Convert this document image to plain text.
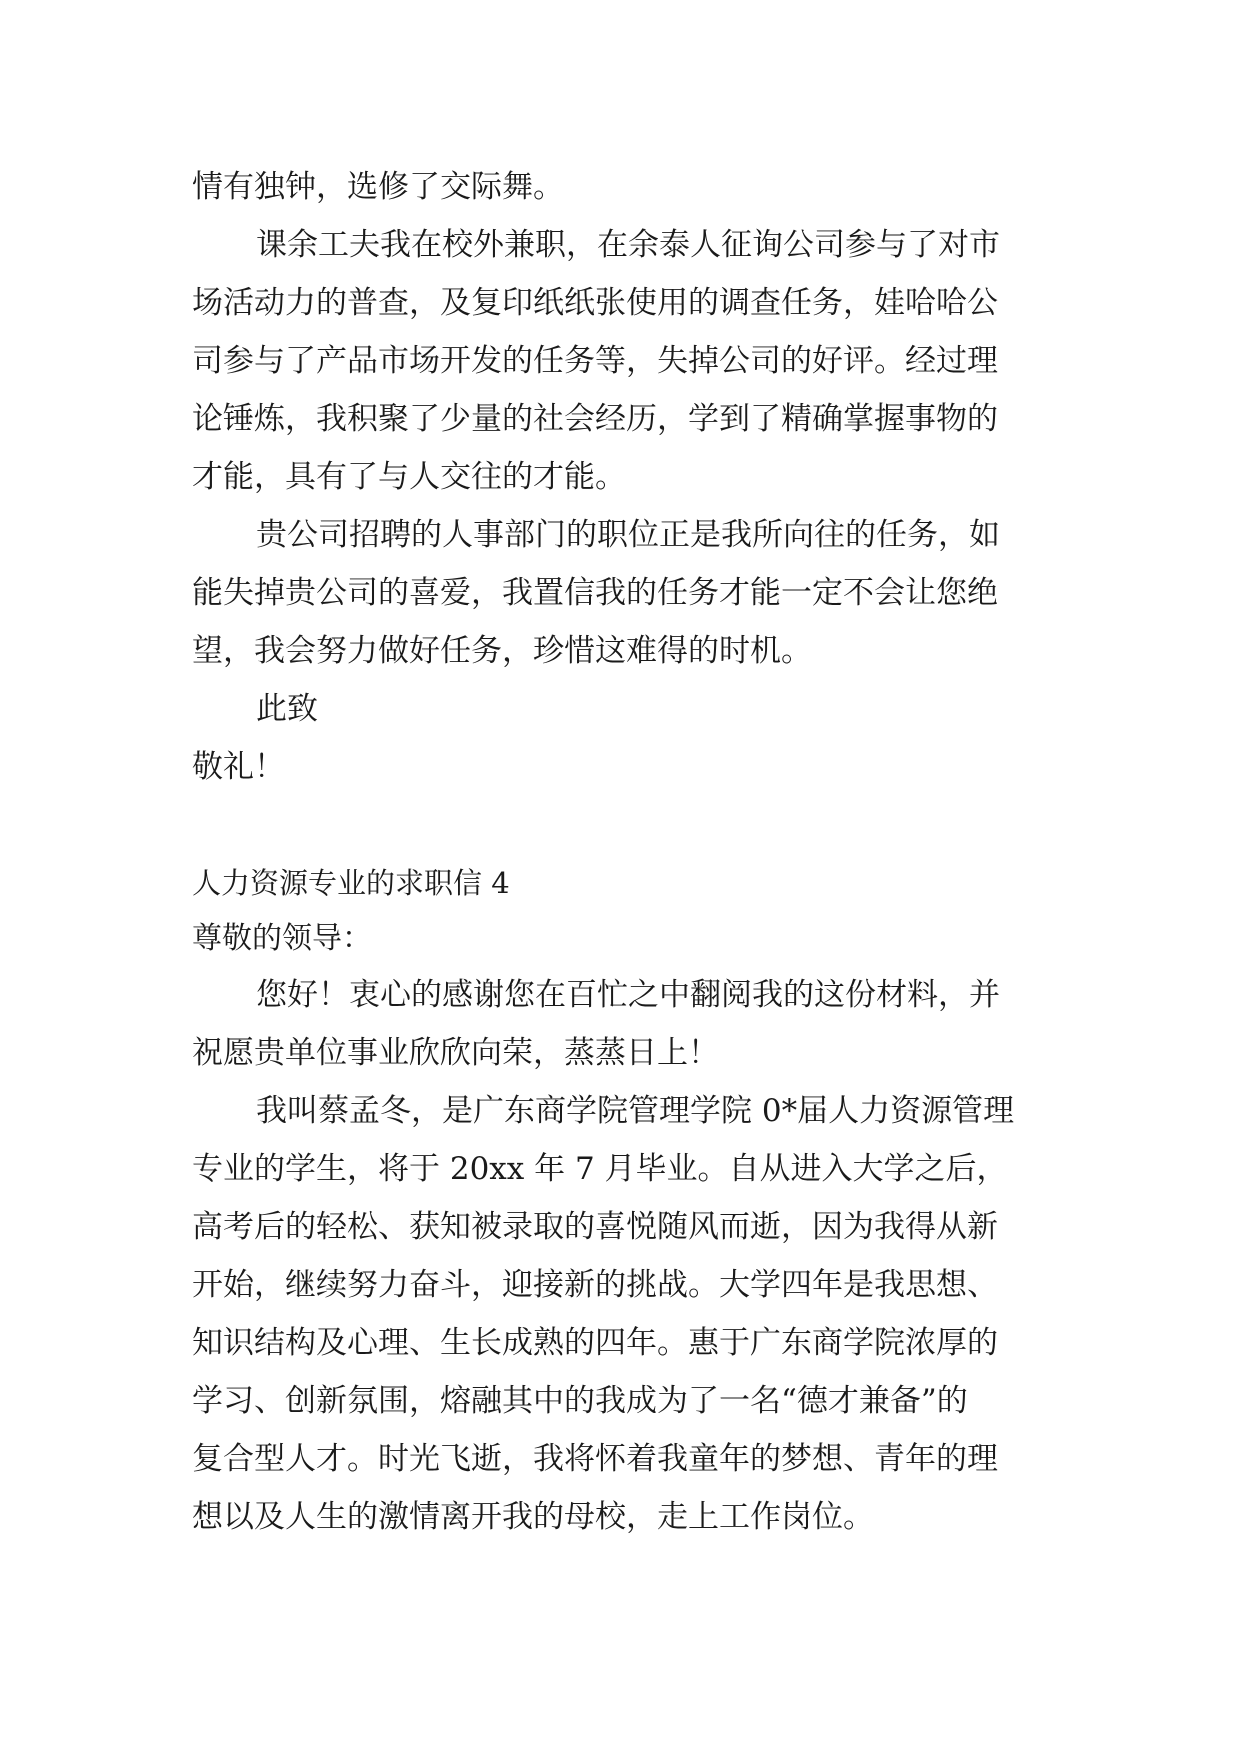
情有独钟，选修了交际舞。
课余工夫我在校外兼职，在余泰人征询公司参与了对市
场活动力的普查，及复印纸纸张使用的调查任务，娃哈哈公
司参与了产品市场开发的任务等，失掉公司的好评。经过理
论锤炼，我积聚了少量的社会经历，学到了精确掌握事物的
才能，具有了与人交往的才能。
贵公司招聘的人事部门的职位正是我所向往的任务，如
能失掉贵公司的喜爱，我置信我的任务才能一定不会让您绝
望，我会努力做好任务，珍惜这难得的时机。
此致
敬礼！
人力资源专业的求职信 4
尊敬的领导：
您好！衷心的感谢您在百忙之中翻阅我的这份材料，并
祝愿贵单位事业欣欣向荣，蒸蒸日上！
我叫蔡孟冬，是广东商学院管理学院 0*届人力资源管理
专业的学生，将于 20xx 年 7 月毕业。自从进入大学之后，
高考后的轻松、获知被录取的喜悦随风而逝，因为我得从新
开始，继续努力奋斗，迎接新的挑战。大学四年是我思想、
知识结构及心理、生长成熟的四年。惠于广东商学院浓厚的
学习、创新氛围，熔融其中的我成为了一名“德才兼备”的
复合型人才。时光飞逝，我将怀着我童年的梦想、青年的理
想以及人生的激情离开我的母校，走上工作岗位。
